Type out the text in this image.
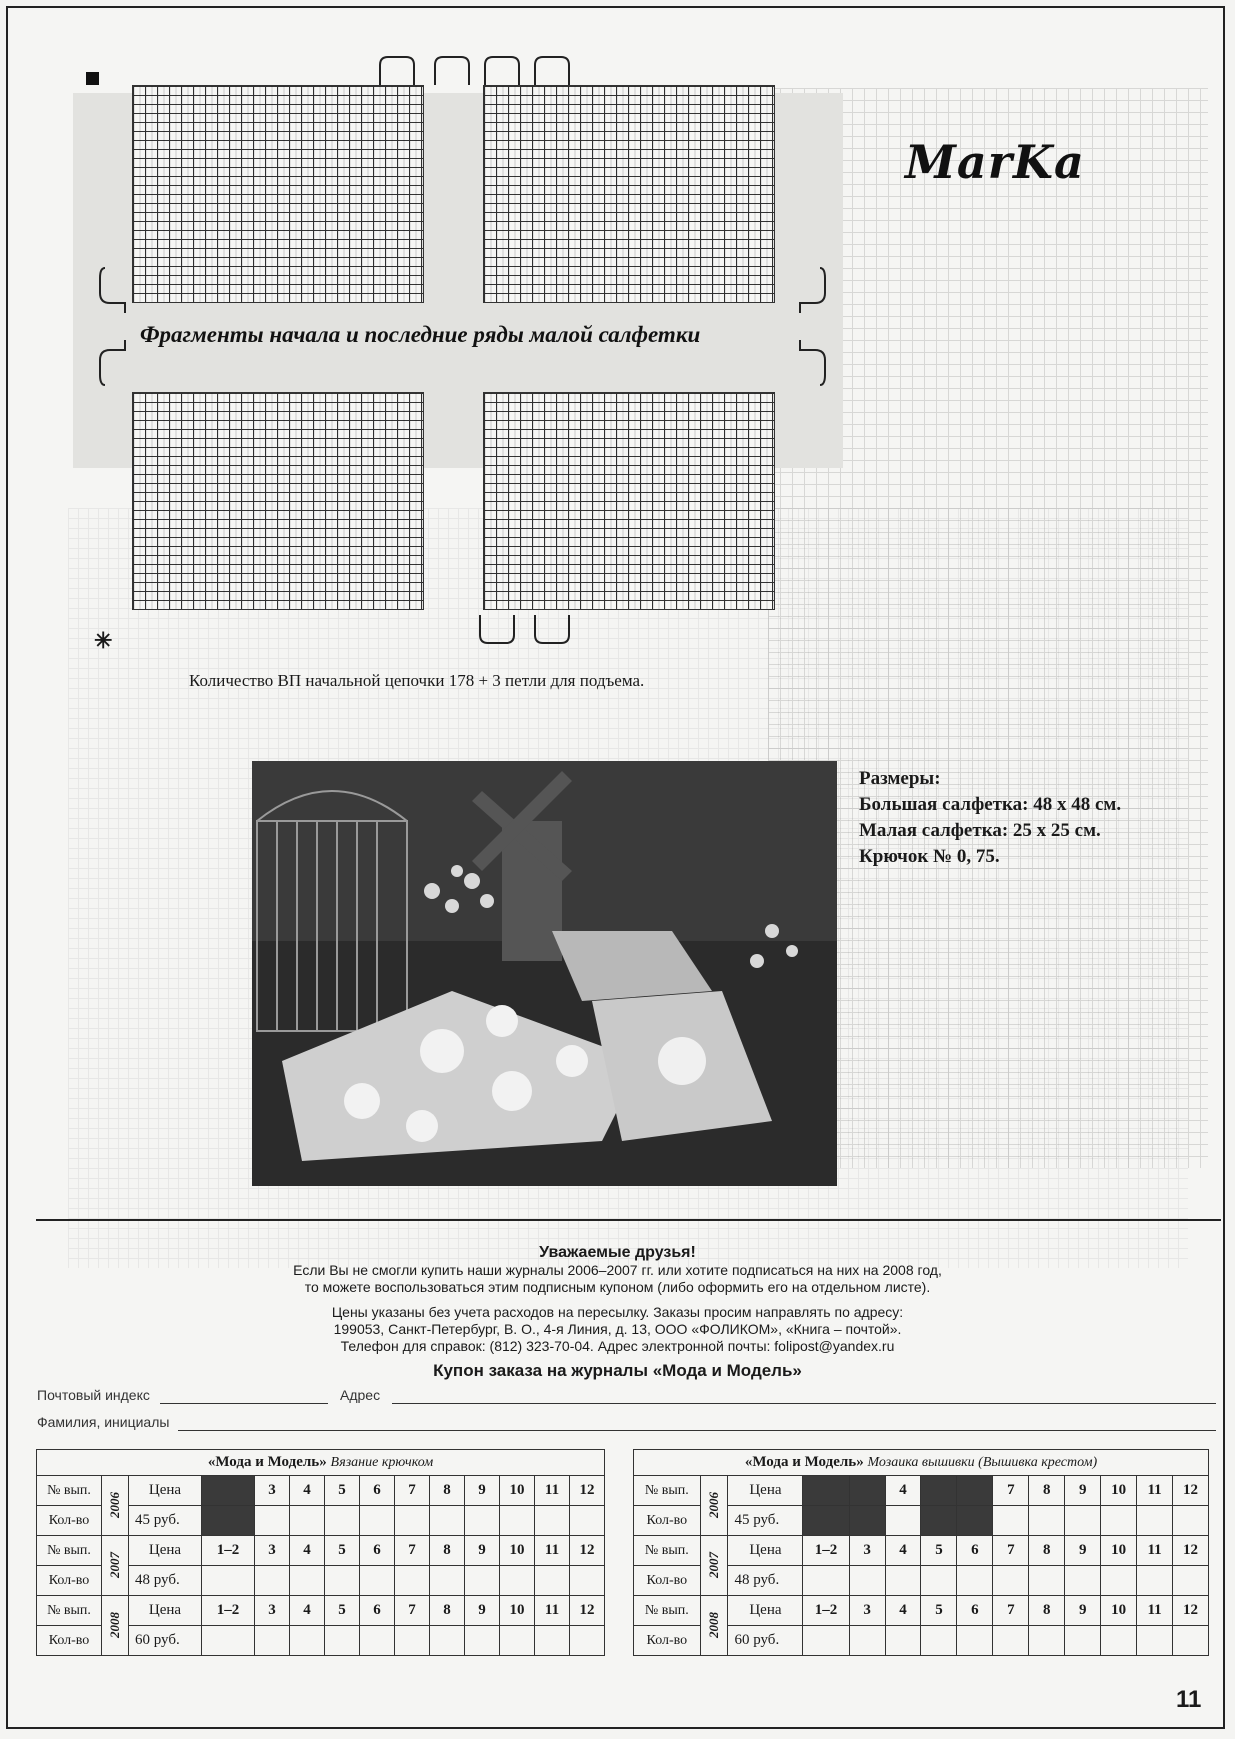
✳
MarKa
Фрагменты начала и последние ряды малой салфетки
Количество ВП начальной цепочки 178 + 3 петли для подъема.
Размеры:
Большая салфетка: 48 x 48 см.
Малая салфетка: 25 x 25 см.
Крючок № 0, 75.
Уважаемые друзья!
Если Вы не смогли купить наши журналы 2006–2007 гг. или хотите подписаться на них на 2008 год,
то можете воспользоваться этим подписным купоном (либо оформить его на отдельном листе).
Цены указаны без учета расходов на пересылку. Заказы просим направлять по адресу:
199053, Санкт-Петербург, В. О., 4-я Линия, д. 13, ООО «ФОЛИКОМ», «Книга – почтой».
Телефон для справок: (812) 323-70-04. Адрес электронной почты: folipost@yandex.ru
Купон заказа на журналы «Мода и Модель»
Почтовый индекс	Адрес
Фамилия, инициалы
«Мода и Модель» Вязание крючком													
№ вып.	2006	Цена		3	4	5	6	7	8	9	10	11	12
Кол-во		45 руб.											
№ вып.	2007	Цена	1–2	3	4	5	6	7	8	9	10	11	12
Кол-во		48 руб.											
№ вып.	2008	Цена	1–2	3	4	5	6	7	8	9	10	11	12
Кол-во		60 руб.											
«Мода и Модель» Мозаика вышивки (Вышивка крестом)													
№ вып.	2006	Цена			4			7	8	9	10	11	12
Кол-во		45 руб.											
№ вып.	2007	Цена	1–2	3	4	5	6	7	8	9	10	11	12
Кол-во		48 руб.											
№ вып.	2008	Цена	1–2	3	4	5	6	7	8	9	10	11	12
Кол-во		60 руб.											
11
